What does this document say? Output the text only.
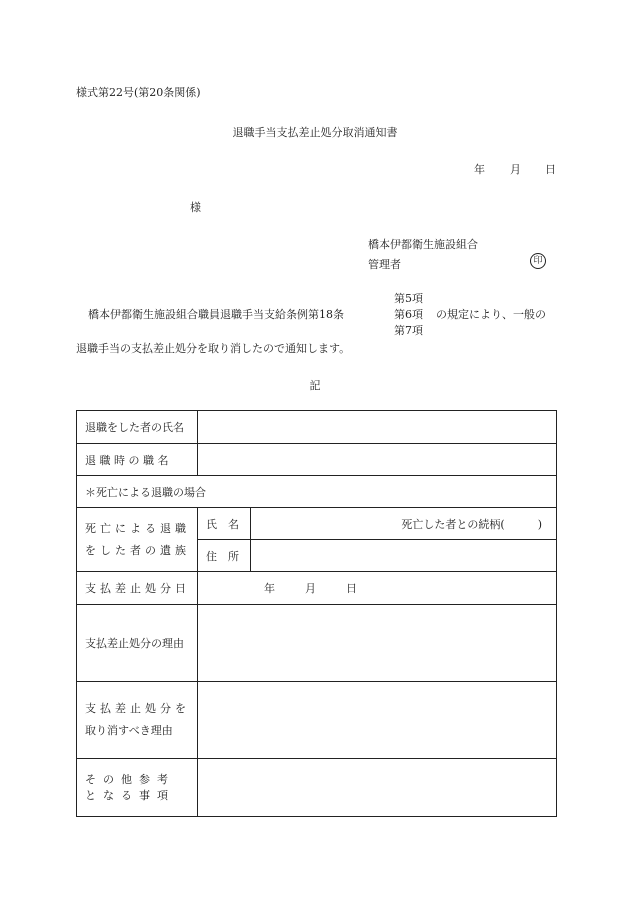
様式第22号(第20条関係)
退職手当支払差止処分取消通知書
年 月 日
様
橋本伊都衛生施設組合
管理者	印
橋本伊都衛生施設組合職員退職手当支給条例第18条
第5項
第6項
第7項
の規定により、一般の
退職手当の支払差止処分を取り消したので通知します。
記
退職をした者の氏名		
退 職 時 の 職 名		
＊死亡による退職の場合		

死亡による退職
をした者の遺族	氏　名	死亡した者との続柄(　　　)
	住　所	
支払差止処分日	年 月 日	
支払差止処分の理由		

支払差止処分を
取り消すべき理由		

その他参考
となる事項		
